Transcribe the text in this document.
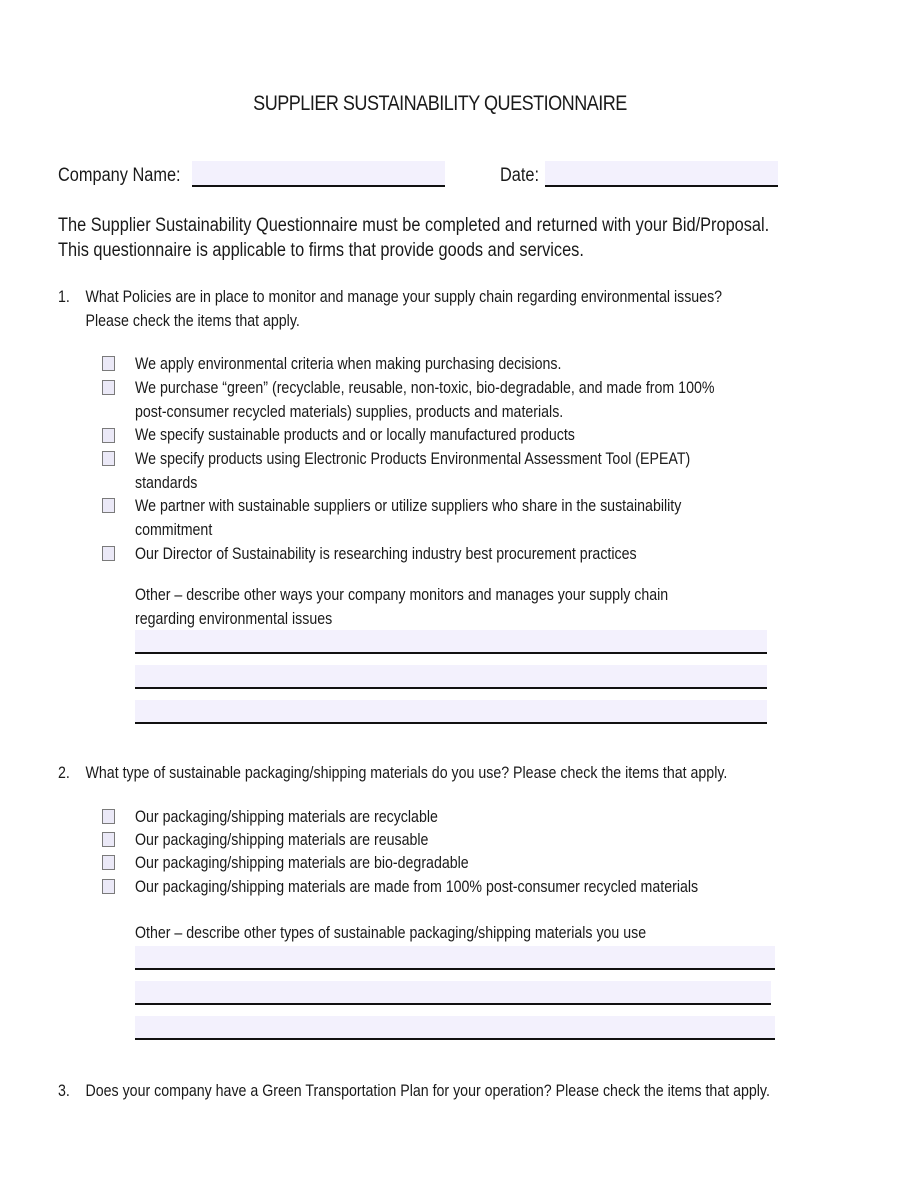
SUPPLIER SUSTAINABILITY QUESTIONNAIRE
Company Name:	Date:
The Supplier Sustainability Questionnaire must be completed and returned with your Bid/Proposal.
This questionnaire is applicable to firms that provide goods and services.
1. What Policies are in place to monitor and manage your supply chain regarding environmental issues?
Please check the items that apply.
We apply environmental criteria when making purchasing decisions.
We purchase “green” (recyclable, reusable, non-toxic, bio-degradable, and made from 100%
post-consumer recycled materials) supplies, products and materials.
We specify sustainable products and or locally manufactured products
We specify products using Electronic Products Environmental Assessment Tool (EPEAT)
standards
We partner with sustainable suppliers or utilize suppliers who share in the sustainability
commitment
Our Director of Sustainability is researching industry best procurement practices
Other – describe other ways your company monitors and manages your supply chain
regarding environmental issues
2. What type of sustainable packaging/shipping materials do you use? Please check the items that apply.
Our packaging/shipping materials are recyclable
Our packaging/shipping materials are reusable
Our packaging/shipping materials are bio-degradable
Our packaging/shipping materials are made from 100% post-consumer recycled materials
Other – describe other types of sustainable packaging/shipping materials you use
3. Does your company have a Green Transportation Plan for your operation? Please check the items that apply.
